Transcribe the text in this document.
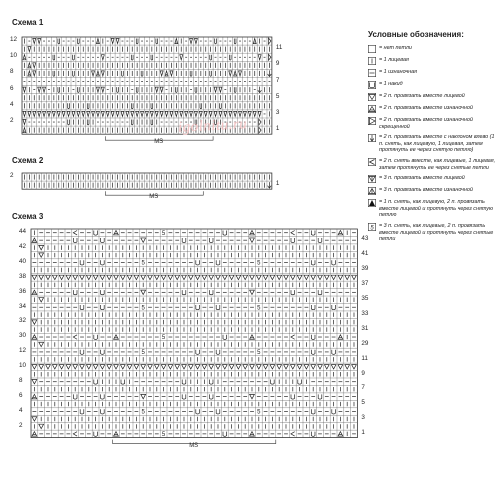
Схема 1
MS
12
10
8
6
4
2
11
9
7
5
3
1
Схема 2
MS
2
1
Схема 3
5
5	5
5	5
5
5	5
5	5
5
MS
44
42
40
38
36
34
32
30
12
10
8
6
4
2
43
41
39
37
35
33
31
29
11
9
7
5
3
1
igolnitu.ru
Условные обозначения:
= нет петли
= 1 лицевая
= 1 изнаночная
= 1 накид
= 2 п. провязать вместе лицевой
= 2 п. провязать вместе изнаночной
= 2 п. провязать вместе изнаночной скрещенной
= 2 п. провязать вместе с наклоном влево (1 п. снять, как лицевую, 1 лицевая, затем протянуть ее через снятую петлю)
= 2 п. снять вместе, как лицевые, 1 лицевая, затем протянуть ее через снятые петли
= 3 п. провязать вместе лицевой
= 3 п. провязать вместе изнаночной
= 1 п. снять, как лицевую, 2 п. провязать вместе лицевой и протянуть через снятую петлю
5 = 3 п. снять, как лицевые, 2 п. провязать вместе лицевой и протянуть через снятые петли
